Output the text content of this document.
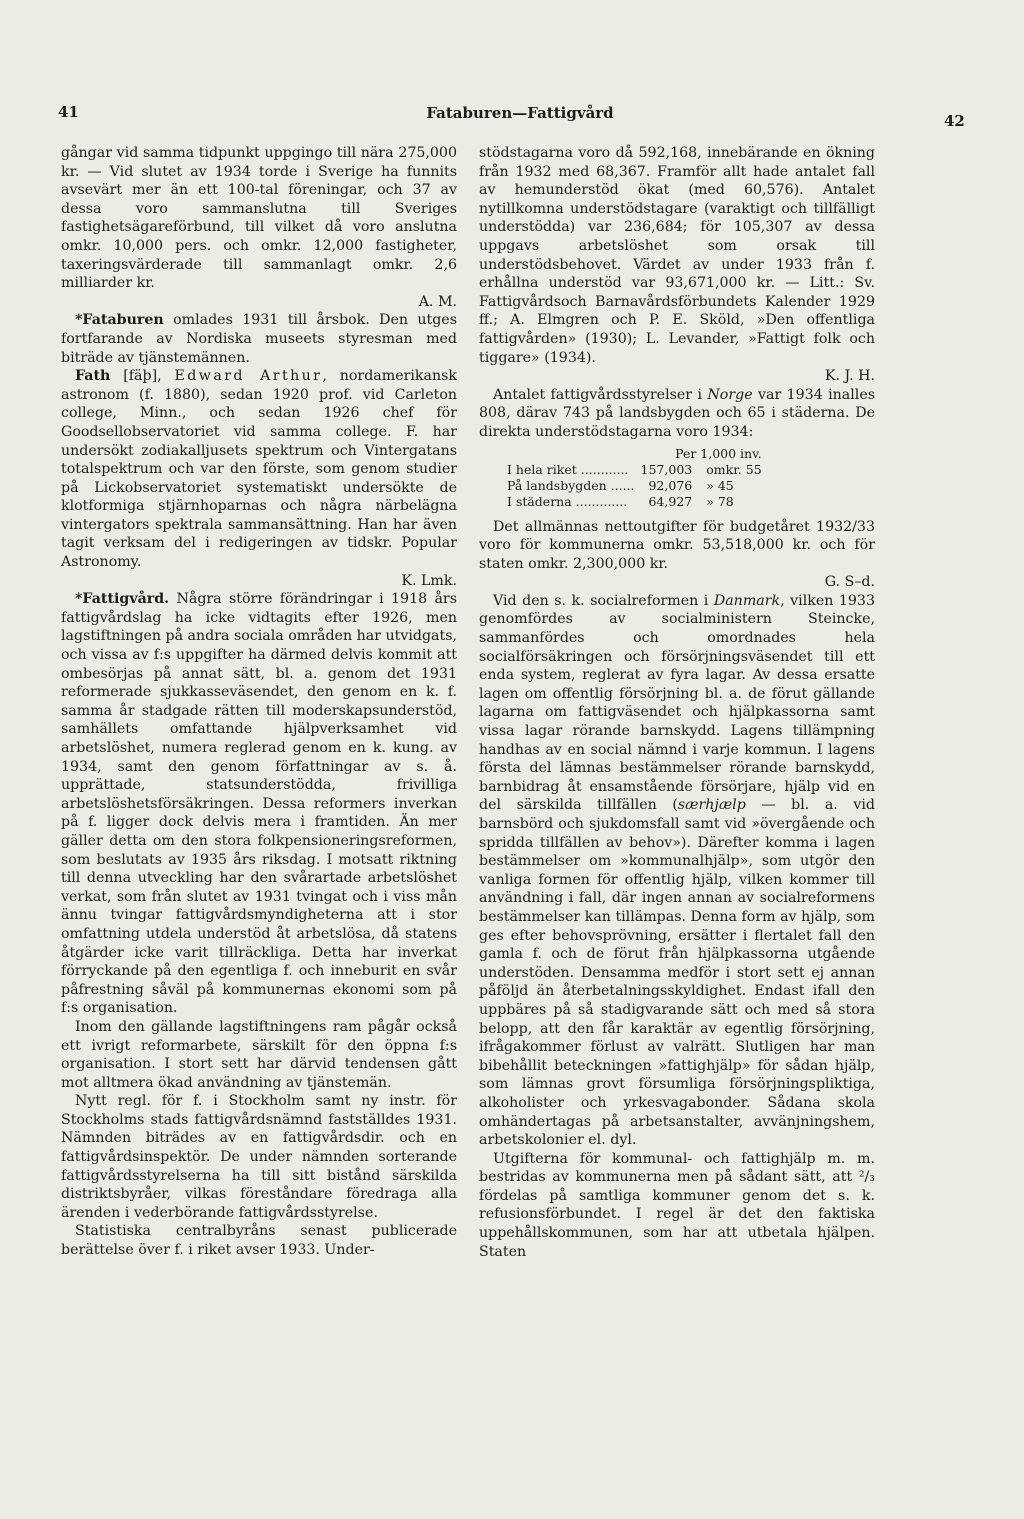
41	Fataburen—Fattigvård	42

gångar vid samma tidpunkt uppgingo till nära 275,000 kr. — Vid slutet av 1934 torde i Sverige ha funnits avsevärt mer än ett 100-tal föreningar, och 37 av dessa voro sammanslutna till Sveriges fastighetsägareförbund, till vilket då voro anslutna omkr. 10,000 pers. och omkr. 12,000 fastigheter, taxeringsvärderade till sammanlagt omkr. 2,6 milliarder kr.
A. M.

*Fataburen omlades 1931 till årsbok. Den utges fortfarande av Nordiska museets styresman med biträde av tjänstemännen.

Fath [fäþ], Edward Arthur, nordamerikansk astronom (f. 1880), sedan 1920 prof. vid Carleton college, Minn., och sedan 1926 chef för Goodsellobservatoriet vid samma college. F. har undersökt zodiakalljusets spektrum och Vintergatans totalspektrum och var den förste, som genom studier på Lickobservatoriet systematiskt undersökte de klotformiga stjärnhoparnas och några närbelägna vintergators spektrala sammansättning. Han har även tagit verksam del i redigeringen av tidskr. Popular Astronomy.
K. Lmk.

*Fattigvård. Några större förändringar i 1918 års fattigvårdslag ha icke vidtagits efter 1926, men lagstiftningen på andra sociala områden har utvidgats, och vissa av f:s uppgifter ha därmed delvis kommit att ombesörjas på annat sätt, bl. a. genom det 1931 reformerade sjukkasseväsendet, den genom en k. f. samma år stadgade rätten till moderskapsunderstöd, samhällets omfattande hjälpverksamhet vid arbetslöshet, numera reglerad genom en k. kung. av 1934, samt den genom författningar av s. å. upprättade, statsunderstödda, frivilliga arbetslöshetsförsäkringen. Dessa reformers inverkan på f. ligger dock delvis mera i framtiden. Än mer gäller detta om den stora folkpensioneringsreformen, som beslutats av 1935 års riksdag. I motsatt riktning till denna utveckling har den svårartade arbetslöshet verkat, som från slutet av 1931 tvingat och i viss mån ännu tvingar fattigvårdsmyndigheterna att i stor omfattning utdela understöd åt arbetslösa, då statens åtgärder icke varit tillräckliga. Detta har inverkat förryckande på den egentliga f. och inneburit en svår påfrestning såväl på kommunernas ekonomi som på f:s organisation.

Inom den gällande lagstiftningens ram pågår också ett ivrigt reformarbete, särskilt för den öppna f:s organisation. I stort sett har därvid tendensen gått mot alltmera ökad användning av tjänstemän.

Nytt regl. för f. i Stockholm samt ny instr. för Stockholms stads fattigvårdsnämnd fastställdes 1931. Nämnden biträdes av en fattigvårdsdir. och en fattigvårdsinspektör. De under nämnden sorterande fattigvårdsstyrelserna ha till sitt bistånd särskilda distriktsbyråer, vilkas föreståndare föredraga alla ärenden i vederbörande fattigvårdsstyrelse.

Statistiska centralbyråns senast publicerade berättelse över f. i riket avser 1933. Under-

stödstagarna voro då 592,168, innebärande en ökning från 1932 med 68,367. Framför allt hade antalet fall av hemunderstöd ökat (med 60,576). Antalet nytillkomna understödstagare (varaktigt och tillfälligt understödda) var 236,684; för 105,307 av dessa uppgavs arbetslöshet som orsak till understödsbehovet. Värdet av under 1933 från f. erhållna understöd var 93,671,000 kr. — Litt.: Sv. Fattigvårdsoch Barnavårdsförbundets Kalender 1929 ff.; A. Elmgren och P. E. Sköld, »Den offentliga fattigvården» (1930); L. Levander, »Fattigt folk och tiggare» (1934).
K. J. H.

Antalet fattigvårdsstyrelser i Norge var 1934 inalles 808, därav 743 på landsbygden och 65 i städerna. De direkta understödstagarna voro 1934:

	Per 1,000 inv.	
I hela riket ............	157,003	omkr. 55
På landsbygden ......	92,076	» 45
I städerna .............	64,927	» 78

Det allmännas nettoutgifter för budgetåret 1932/33 voro för kommunerna omkr. 53,518,000 kr. och för staten omkr. 2,300,000 kr.
G. S–d.

Vid den s. k. socialreformen i Danmark, vilken 1933 genomfördes av socialministern Steincke, sammanfördes och omordnades hela socialförsäkringen och försörjningsväsendet till ett enda system, reglerat av fyra lagar. Av dessa ersatte lagen om offentlig försörjning bl. a. de förut gällande lagarna om fattigväsendet och hjälpkassorna samt vissa lagar rörande barnskydd. Lagens tillämpning handhas av en social nämnd i varje kommun. I lagens första del lämnas bestämmelser rörande barnskydd, barnbidrag åt ensamstående försörjare, hjälp vid en del särskilda tillfällen (særhjælp — bl. a. vid barnsbörd och sjukdomsfall samt vid »övergående och spridda tillfällen av behov»). Därefter komma i lagen bestämmelser om »kommunalhjälp», som utgör den vanliga formen för offentlig hjälp, vilken kommer till användning i fall, där ingen annan av socialreformens bestämmelser kan tillämpas. Denna form av hjälp, som ges efter behovsprövning, ersätter i flertalet fall den gamla f. och de förut från hjälpkassorna utgående understöden. Densamma medför i stort sett ej annan påföljd än återbetalningsskyldighet. Endast ifall den uppbäres på så stadigvarande sätt och med så stora belopp, att den får karaktär av egentlig försörjning, ifrågakommer förlust av valrätt. Slutligen har man bibehållit beteckningen »fattighjälp» för sådan hjälp, som lämnas grovt försumliga försörjningspliktiga, alkoholister och yrkesvagabonder. Sådana skola omhändertagas på arbetsanstalter, avvänjningshem, arbetskolonier el. dyl.

Utgifterna för kommunal- och fattighjälp m. m. bestridas av kommunerna men på sådant sätt, att ²/₃ fördelas på samtliga kommuner genom det s. k. refusionsförbundet. I regel är det den faktiska uppehållskommunen, som har att utbetala hjälpen. Staten
